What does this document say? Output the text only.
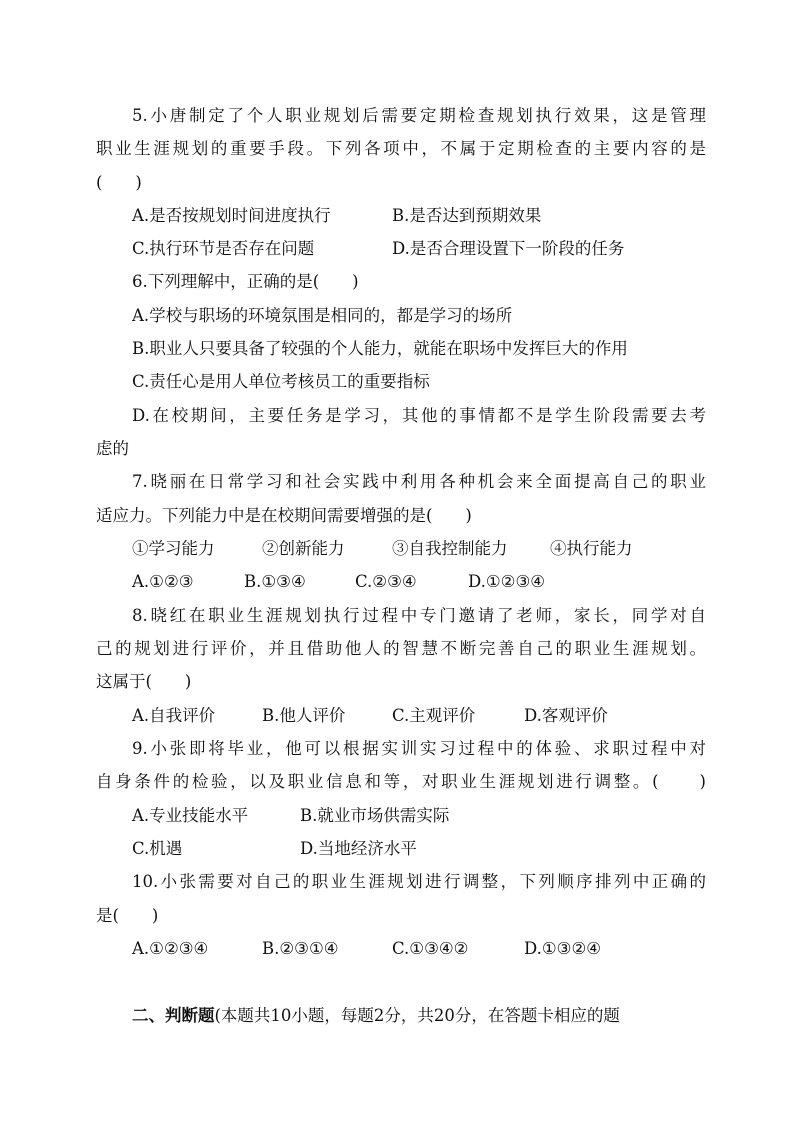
5.小唐制定了个人职业规划后需要定期检查规划执行效果，这是管理
职业生涯规划的重要手段。下列各项中，不属于定期检查的主要内容的是
(　　)
A.是否按规划时间进度执行	B.是否达到预期效果
C.执行环节是否存在问题	D.是否合理设置下一阶段的任务
6.下列理解中，正确的是(　　)
A.学校与职场的环境氛围是相同的，都是学习的场所
B.职业人只要具备了较强的个人能力，就能在职场中发挥巨大的作用
C.责任心是用人单位考核员工的重要指标
D.在校期间，主要任务是学习，其他的事情都不是学生阶段需要去考
虑的
7.晓丽在日常学习和社会实践中利用各种机会来全面提高自己的职业
适应力。下列能力中是在校期间需要增强的是(　　)
①学习能力	②创新能力	③自我控制能力	④执行能力
A.①②③	B.①③④	C.②③④	D.①②③④
8.晓红在职业生涯规划执行过程中专门邀请了老师，家长，同学对自
己的规划进行评价，并且借助他人的智慧不断完善自己的职业生涯规划。
这属于(　　)
A.自我评价	B.他人评价	C.主观评价	D.客观评价
9.小张即将毕业，他可以根据实训实习过程中的体验、求职过程中对
自身条件的检验，以及职业信息和等，对职业生涯规划进行调整。(　　)
A.专业技能水平	B.就业市场供需实际
C.机遇	D.当地经济水平
10.小张需要对自己的职业生涯规划进行调整，下列顺序排列中正确的
是(　　)
A.①②③④	B.②③①④	C.①③④②	D.①③②④
二、判断题(本题共10小题，每题2分，共20分，在答题卡相应的题
